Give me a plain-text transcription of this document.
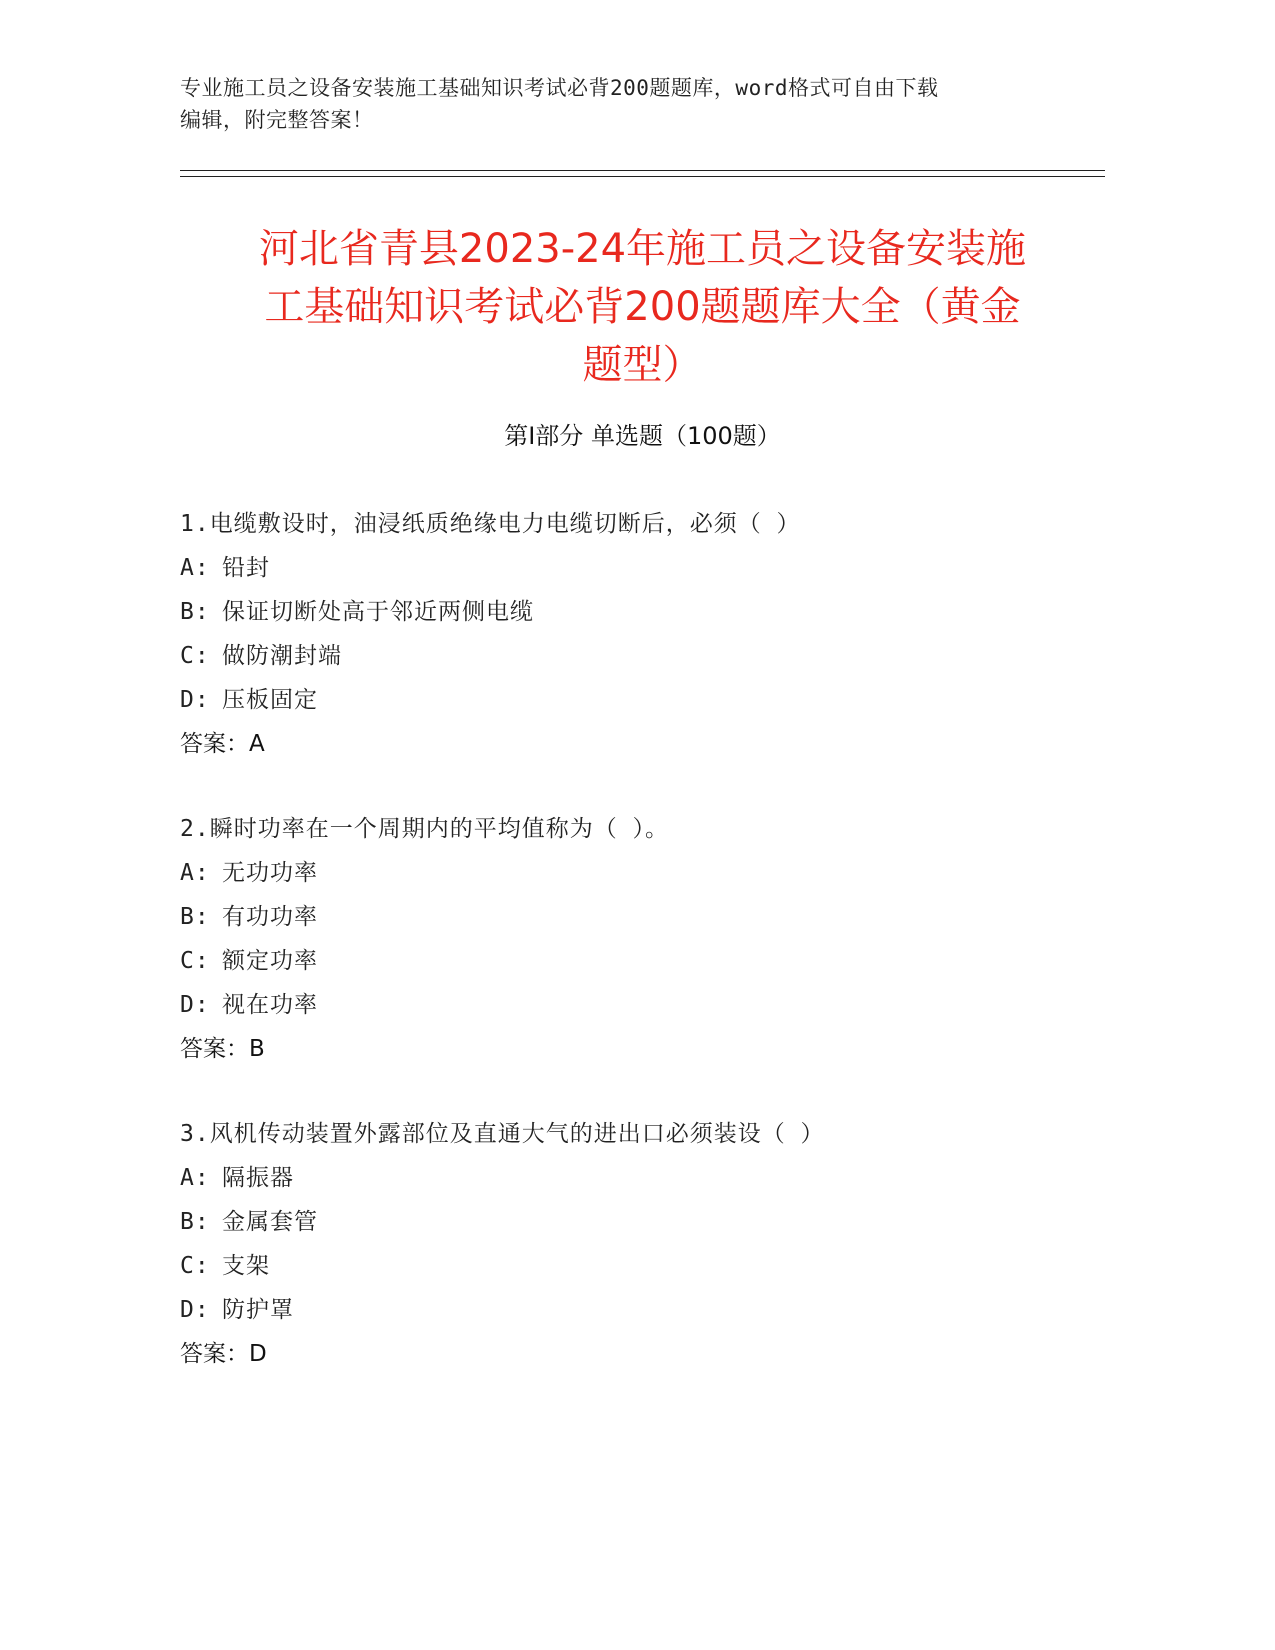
专业施工员之设备安装施工基础知识考试必背200题题库，word格式可自由下载
编辑，附完整答案！
河北省青县2023-24年施工员之设备安装施
工基础知识考试必背200题题库大全（黄金
题型）
第I部分 单选题（100题）
1.电缆敷设时，油浸纸质绝缘电力电缆切断后，必须（ ）
A: 铅封
B: 保证切断处高于邻近两侧电缆
C: 做防潮封端
D: 压板固定
答案：A
2.瞬时功率在一个周期内的平均值称为（ ）。
A: 无功功率
B: 有功功率
C: 额定功率
D: 视在功率
答案：B
3.风机传动装置外露部位及直通大气的进出口必须装设（ ）
A: 隔振器
B: 金属套管
C: 支架
D: 防护罩
答案：D
